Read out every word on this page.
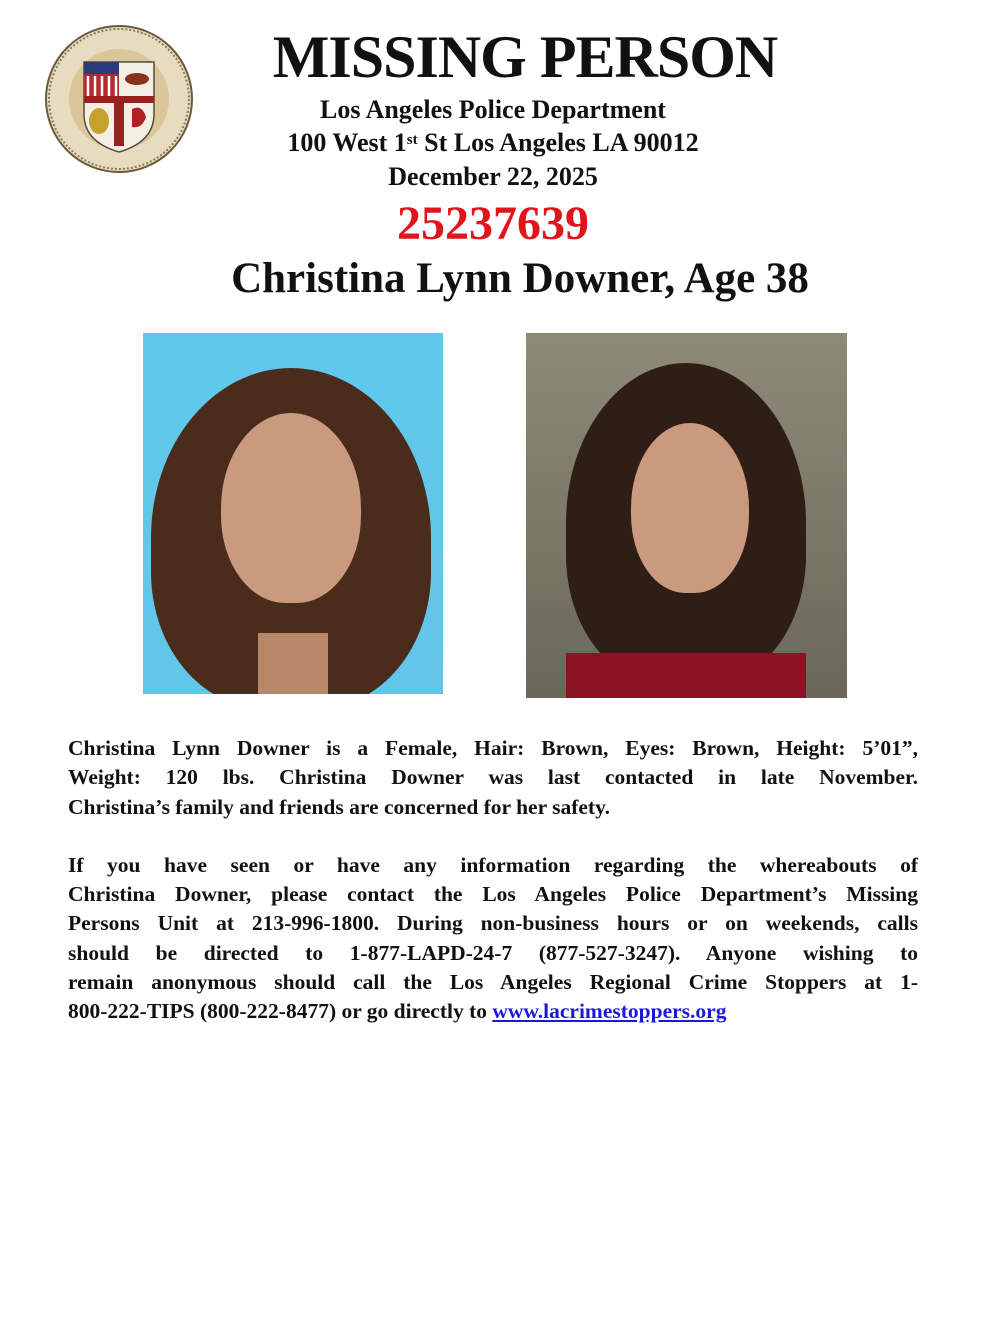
MISSING PERSON
Los Angeles Police Department
100 West 1st St Los Angeles LA 90012
December 22, 2025
25237639
Christina Lynn Downer, Age 38
Christina Lynn Downer is a Female, Hair: Brown, Eyes: Brown, Height: 5’01”,
Weight: 120 lbs. Christina Downer was last contacted in late November.
Christina’s family and friends are concerned for her safety.
If you have seen or have any information regarding the whereabouts of
Christina Downer, please contact the Los Angeles Police Department’s Missing
Persons Unit at 213-996-1800. During non-business hours or on weekends, calls
should be directed to 1-877-LAPD-24-7 (877-527-3247). Anyone wishing to
remain anonymous should call the Los Angeles Regional Crime Stoppers at 1-
800-222-TIPS (800-222-8477) or go directly to www.lacrimestoppers.org
